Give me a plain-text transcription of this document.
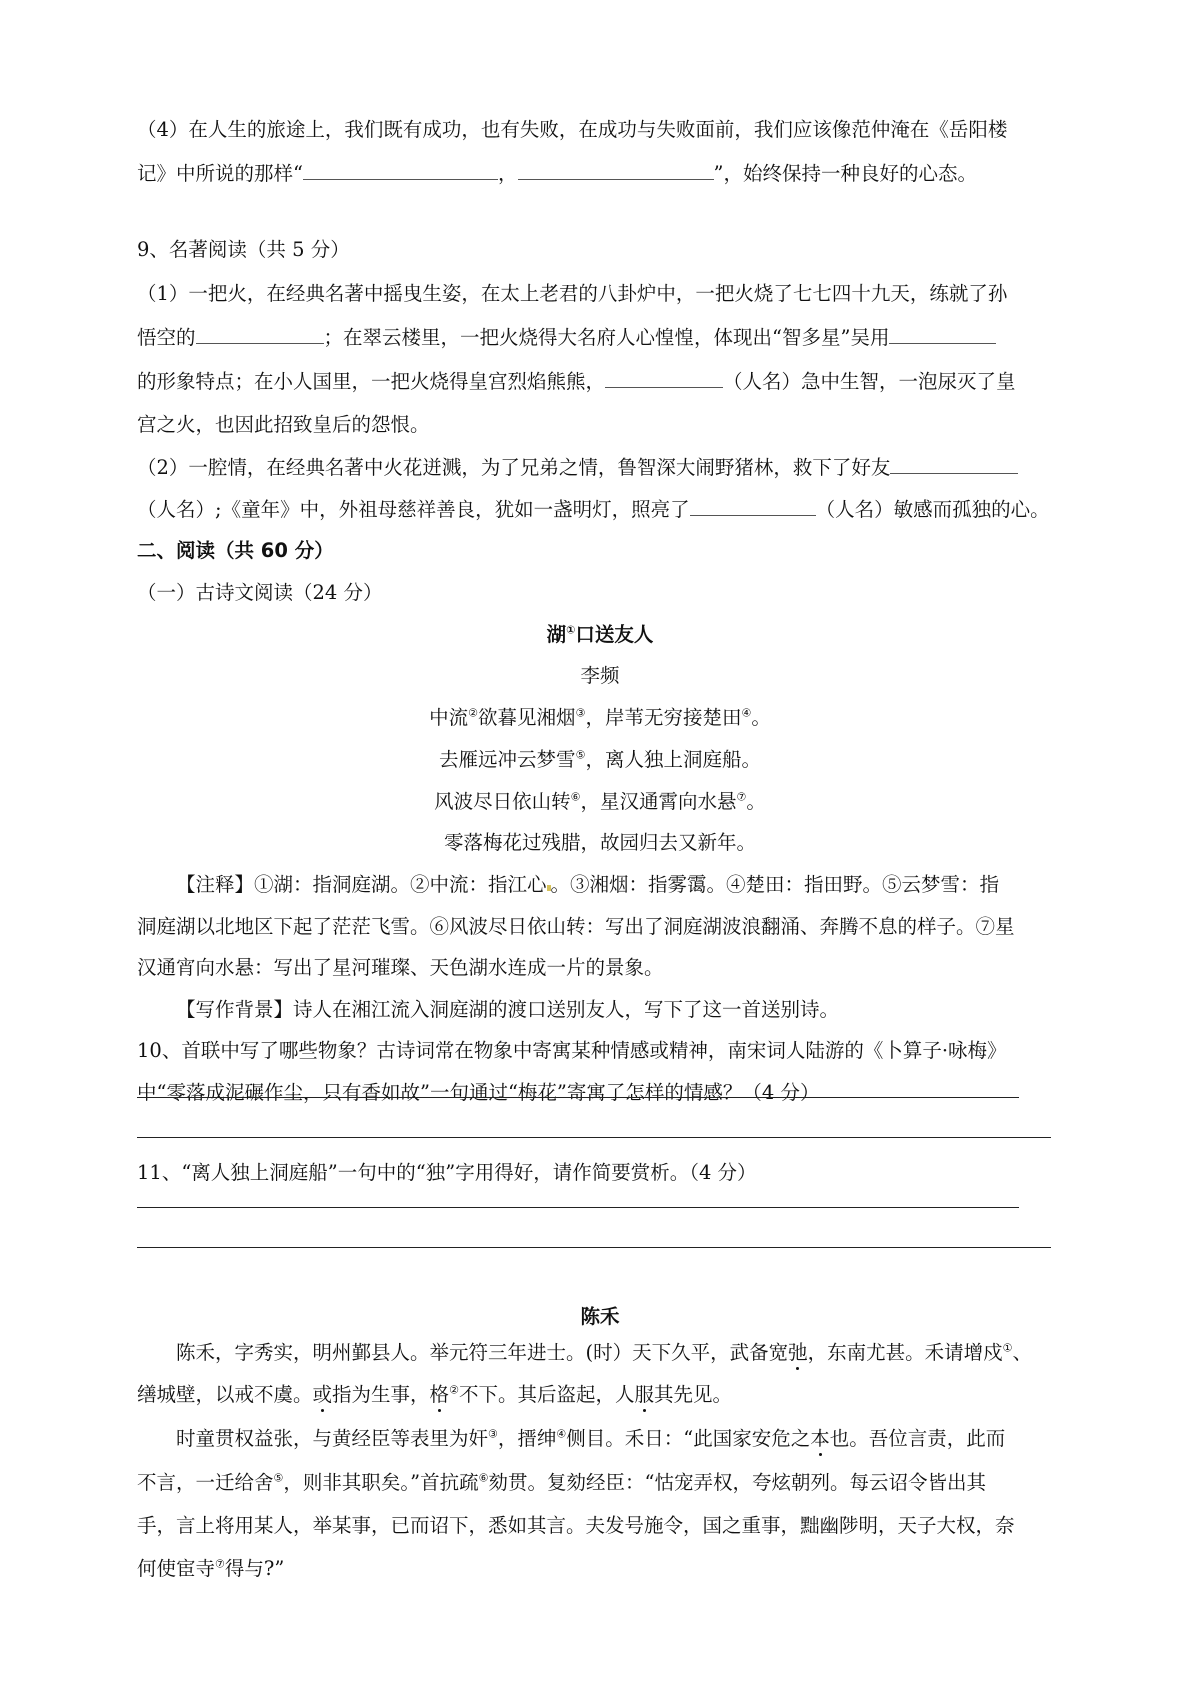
（4）在人生的旅途上，我们既有成功，也有失败，在成功与失败面前，我们应该像范仲淹在《岳阳楼
记》中所说的那样“	，	”，始终保持一种良好的心态。
9、名著阅读（共 5 分）
（1）一把火，在经典名著中摇曳生姿，在太上老君的八卦炉中，一把火烧了七七四十九天，练就了孙
悟空的	；在翠云楼里，一把火烧得大名府人心惶惶，体现出“智多星”吴用
的形象特点；在小人国里，一把火烧得皇宫烈焰熊熊，	（人名）急中生智，一泡尿灭了皇
宫之火，也因此招致皇后的怨恨。
（2）一腔情，在经典名著中火花迸溅，为了兄弟之情，鲁智深大闹野猪林，救下了好友
（人名）;《童年》中，外祖母慈祥善良，犹如一盏明灯，照亮了	（人名）敏感而孤独的心。
二、阅读（共 60 分）
（一）古诗文阅读（24 分）
湖①口送友人
李频
中流②欲暮见湘烟③，岸苇无穷接楚田④。
去雁远冲云梦雪⑤，离人独上洞庭船。
风波尽日依山转⑥，星汉通霄向水悬⑦。
零落梅花过残腊，故园归去又新年。
【注释】①湖：指洞庭湖。②中流：指江心 。③湘烟：指雾霭。④楚田：指田野。⑤云梦雪：指
洞庭湖以北地区下起了茫茫飞雪。⑥风波尽日依山转：写出了洞庭湖波浪翻涌、奔腾不息的样子。⑦星
汉通宵向水悬：写出了星河璀璨、天色湖水连成一片的景象。
【写作背景】诗人在湘江流入洞庭湖的渡口送别友人，写下了这一首送别诗。
10、首联中写了哪些物象？古诗词常在物象中寄寓某种情感或精神，南宋词人陆游的《卜算子·咏梅》
中“零落成泥碾作尘，只有香如故”一句通过“梅花”寄寓了怎样的情感？（4 分）
11、“离人独上洞庭船”一句中的“独”字用得好，请作简要赏析。（4 分）
陈禾
陈禾，字秀实，明州鄞县人。举元符三年进士。(时）天下久平，武备宽弛，东南尤甚。禾请增戍①、
缮城壁，以戒不虞。或指为生事，格②不下。其后盗起，人服其先见。
时童贯权益张，与黄经臣等表里为奸③，搢绅④侧目。禾日：“此国家安危之本也。吾位言责，此而
不言，一迁给舍⑤，则非其职矣。”首抗疏⑥劾贯。复劾经臣：“怙宠弄权，夸炫朝列。每云诏令皆出其
手，言上将用某人，举某事，已而诏下，悉如其言。夫发号施令，国之重事，黜幽陟明，天子大权，奈
何使宦寺⑦得与?”
